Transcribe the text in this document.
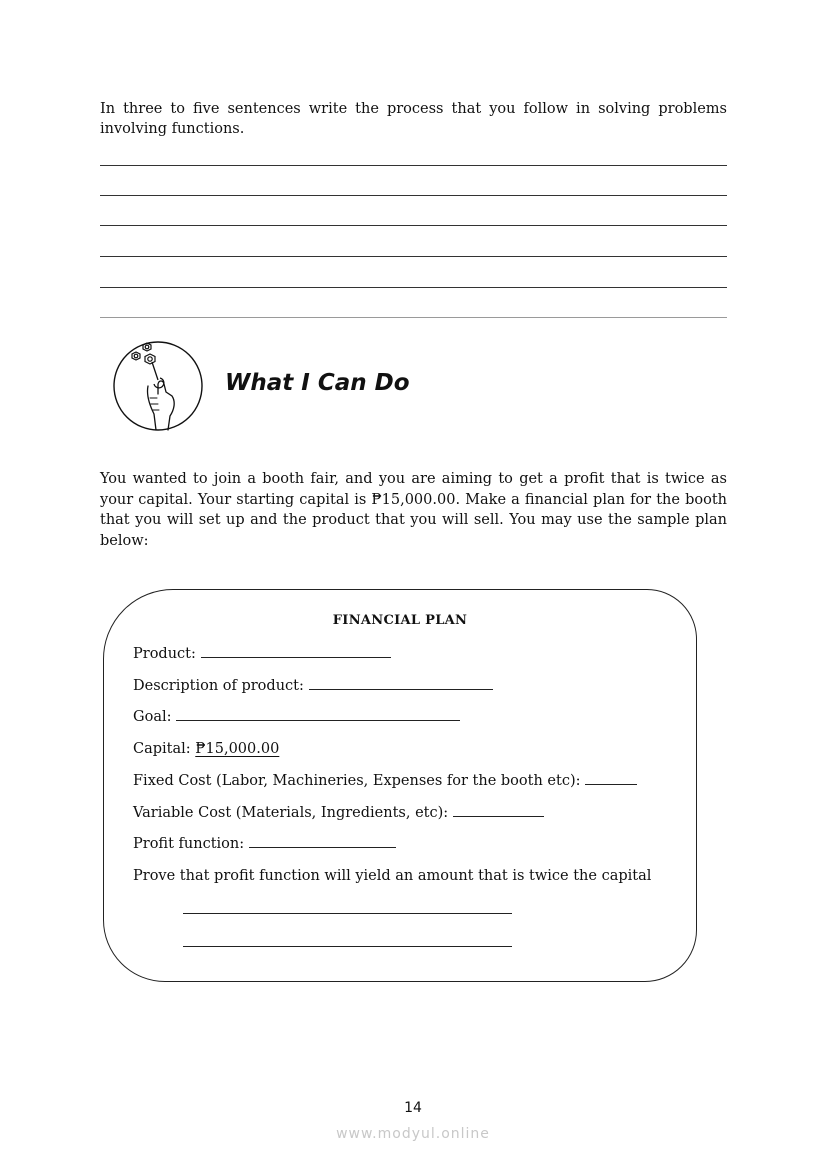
In three to five sentences write the process that you follow in solving problems involving functions.

What I Can Do

You wanted to join a booth fair, and you are aiming to get a profit that is twice as your capital. Your starting capital is ₱15,000.00. Make a financial plan for the booth that you will set up and the product that you will sell. You may use the sample plan below:

FINANCIAL PLAN

Product:

Description of product:

Goal:

Capital: ₱15,000.00

Fixed Cost (Labor, Machineries, Expenses for the booth etc):

Variable Cost (Materials, Ingredients, etc):

Profit function:

Prove that profit function will yield an amount that is twice the capital

14

www.modyul.online
